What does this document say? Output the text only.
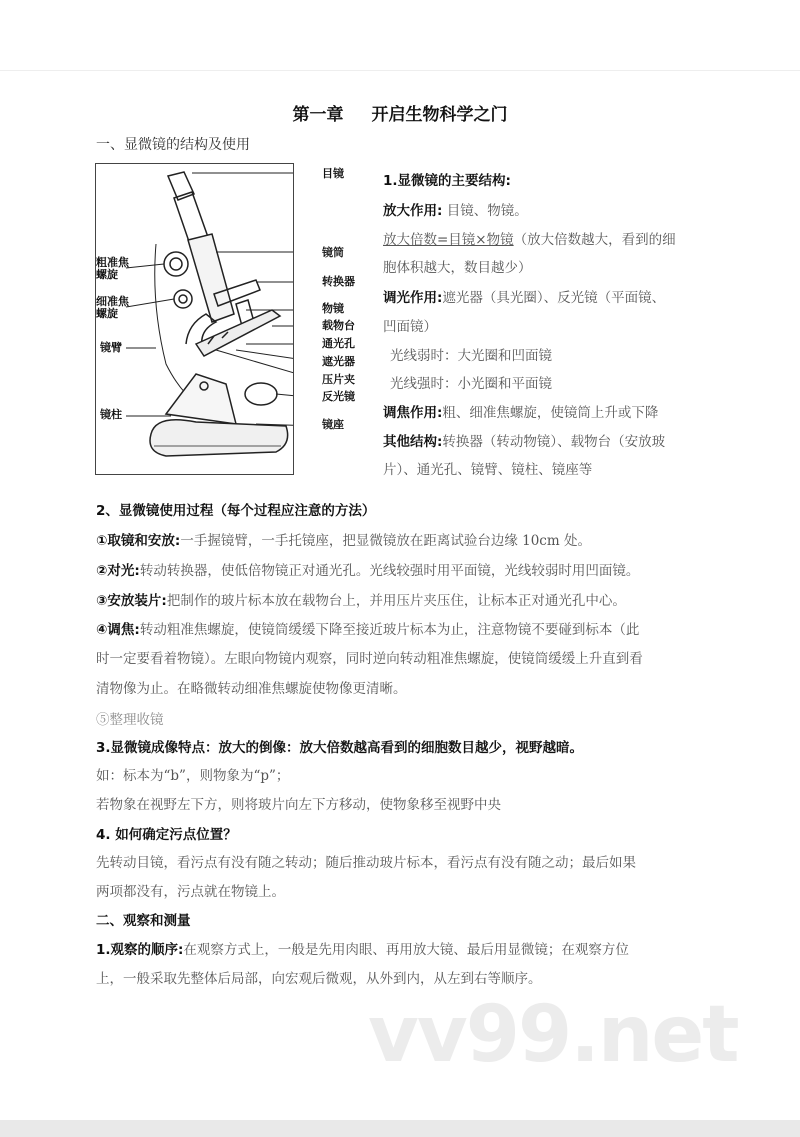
第一章 开启生物科学之门
一、显微镜的结构及使用
目镜
镜筒
转换器
物镜
载物台
通光孔
遮光器
压片夹
反光镜
镜座
粗准焦螺旋
细准焦螺旋
镜臂
镜柱
1.显微镜的主要结构:
放大作用: 目镜、物镜。
放大倍数=目镜×物镜（放大倍数越大，看到的细
胞体积越大，数目越少）
调光作用:遮光器（具光圈）、反光镜（平面镜、
凹面镜）
光线弱时：大光圈和凹面镜
光线强时：小光圈和平面镜
调焦作用:粗、细准焦螺旋，使镜筒上升或下降
其他结构:转换器（转动物镜）、载物台（安放玻
片）、通光孔、镜臂、镜柱、镜座等
2、显微镜使用过程（每个过程应注意的方法）
①取镜和安放:一手握镜臂，一手托镜座，把显微镜放在距离试验台边缘 10cm 处。
②对光:转动转换器，使低倍物镜正对通光孔。光线较强时用平面镜，光线较弱时用凹面镜。
③安放装片:把制作的玻片标本放在载物台上，并用压片夹压住，让标本正对通光孔中心。
④调焦:转动粗准焦螺旋，使镜筒缓缓下降至接近玻片标本为止，注意物镜不要碰到标本（此
时一定要看着物镜）。左眼向物镜内观察，同时逆向转动粗准焦螺旋，使镜筒缓缓上升直到看
清物像为止。在略微转动细准焦螺旋使物像更清晰。
⑤整理收镜
3.显微镜成像特点：放大的倒像：放大倍数越高看到的细胞数目越少，视野越暗。
如：标本为“b”，则物象为“p”；
若物象在视野左下方，则将玻片向左下方移动，使物象移至视野中央
4. 如何确定污点位置？
先转动目镜，看污点有没有随之转动；随后推动玻片标本，看污点有没有随之动；最后如果
两项都没有，污点就在物镜上。
二、观察和测量
1.观察的顺序:在观察方式上，一般是先用肉眼、再用放大镜、最后用显微镜；在观察方位
上，一般采取先整体后局部，向宏观后微观，从外到内，从左到右等顺序。
vv99.net
